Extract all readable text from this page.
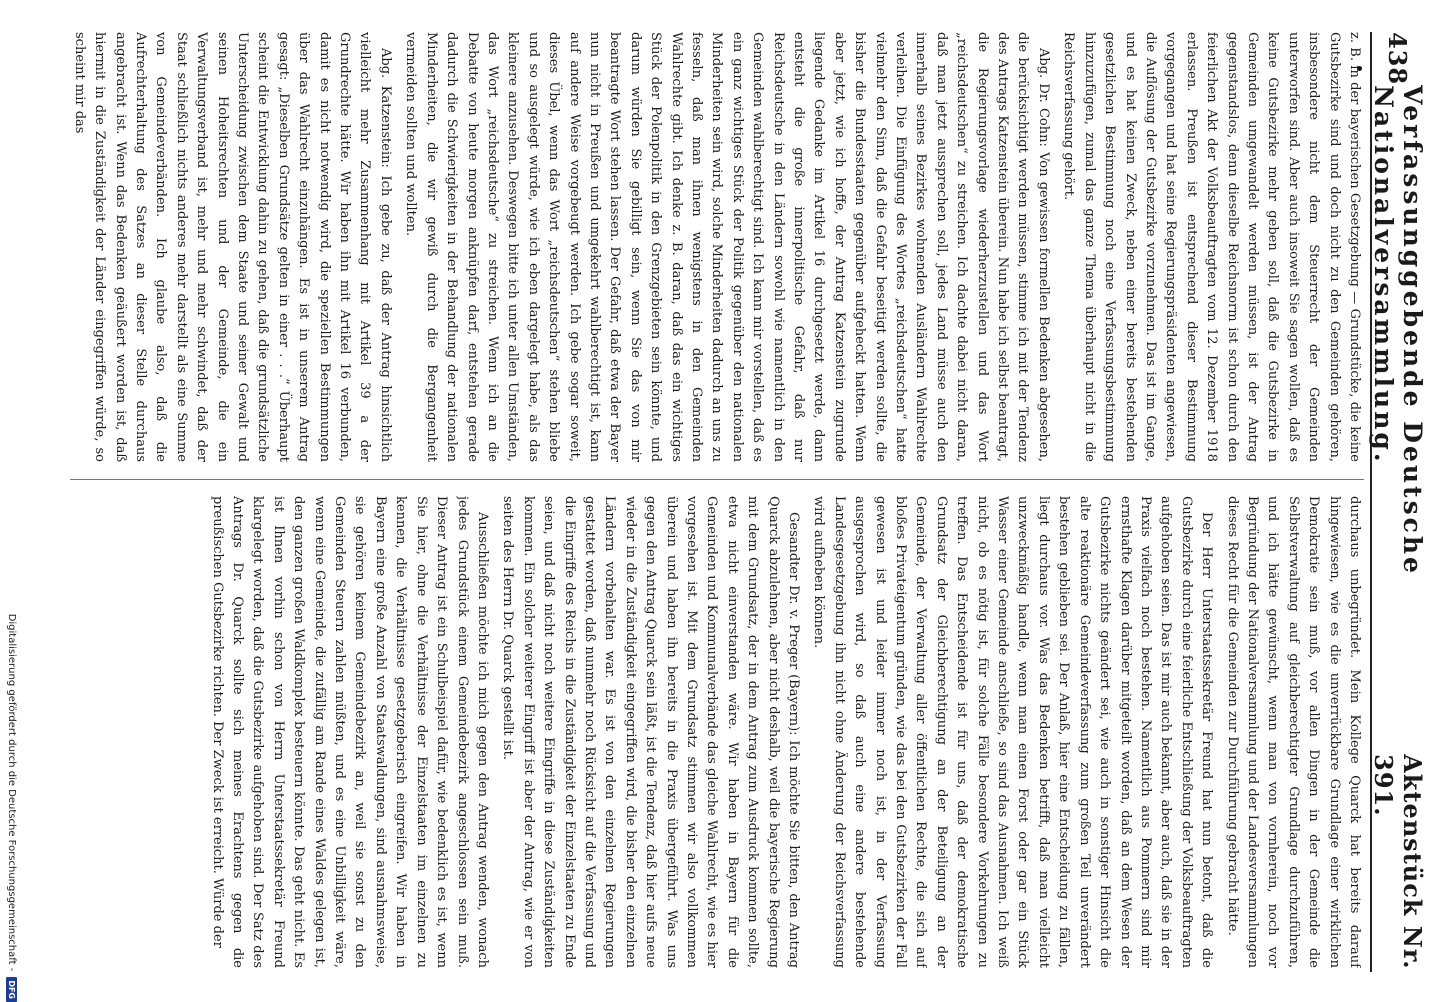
438
Verfassunggebende Deutsche Nationalversammlung.
Aktenstück Nr. 391.

z. B. in der bayerischen Gesetzgebung — Grundstücke, die keine Gutsbezirke sind und doch nicht zu den Gemeinden gehören, insbesondere nicht dem Steuerrecht der Gemeinden unterworfen sind. Aber auch insoweit Sie sagen wollen, daß es keine Gutsbezirke mehr geben soll, daß die Gutsbezirke in Gemeinden umgewandelt werden müssen, ist der Antrag gegenstandslos, denn dieselbe Reichsnorm ist schon durch den feierlichen Akt der Volksbeauftragten vom 12. Dezember 1918 erlassen. Preußen ist entsprechend dieser Bestimmung vorgegangen und hat seine Regierungspräsidenten angewiesen, die Auflösung der Gutsbezirke vorzunehmen. Das ist im Gange, und es hat keinen Zweck, neben einer bereits bestehenden gesetzlichen Bestimmung noch eine Verfassungsbestimmung hinzuzufügen, zumal das ganze Thema überhaupt nicht in die Reichsverfassung gehört.

Abg. Dr. Cohn: Von gewissen formellen Bedenken abgesehen, die berücksichtigt werden müssen, stimme ich mit der Tendenz des Antrags Katzenstein überein. Nun habe ich selbst beantragt, die Regierungsvorlage wiederherzustellen und das Wort „reichsdeutschen“ zu streichen. Ich dachte dabei nicht daran, daß man jetzt aussprechen soll, jedes Land müsse auch den innerhalb seines Bezirkes wohnenden Ausländern Wahlrechte verleihen. Die Einfügung des Wortes „reichsdeutschen“ hatte vielmehr den Sinn, daß die Gefahr beseitigt werden sollte, die bisher die Bundesstaaten gegenüber aufgeheckt hatten. Wenn aber jetzt, wie ich hoffe, der Antrag Katzenstein zugrunde liegende Gedanke im Artikel 16 durchgesetzt werde, dann entsteht die große innerpolitische Gefahr, daß nur Reichsdeutsche in den Ländern sowohl wie namentlich in den Gemeinden wahlberechtigt sind. Ich kann mir vorstellen, daß es ein ganz wichtiges Stück der Politik gegenüber den nationalen Minderheiten sein wird, solche Minderheiten dadurch an uns zu fesseln, daß man ihnen wenigstens in den Gemeinden Wahlrechte gibt. Ich denke z. B. daran, daß das ein wichtiges Stück der Polenpolitik in den Grenzgebieten sein könnte, und darum würden Sie gebilligt sein, wenn Sie das von mir beantragte Wort stehen lassen. Der Gefahr, daß etwa der Bayer nun nicht in Preußen und umgekehrt wahlberechtigt ist, kann auf andere Weise vorgebeugt werden. Ich gebe sogar soweit, dieses Übel, wenn das Wort „reichsdeutschen“ stehen bliebe und so ausgelegt würde, wie ich eben dargelegt habe, als das kleinere anzusehen. Deswegen bitte ich unter allen Umständen, das Wort „reichsdeutsche“ zu streichen. Wenn ich an die Debatte von heute morgen anknüpfen darf, entstehen gerade dadurch die Schwierigkeiten in der Behandlung der nationalen Minderheiten, die wir gewiß durch die Bergangenheit vermeiden sollten und wollten.

Abg. Katzenstein: Ich gebe zu, daß der Antrag hinsichtlich vielleicht mehr Zusammenhang mit Artikel 39 a der Grundrechte hätte. Wir haben ihn mit Artikel 16 verbunden, damit es nicht notwendig wird, die speziellen Bestimmungen über das Wahlrecht einzuhängen. Es ist in unserem Antrag gesagt: „Dieselben Grundsätze gelten in einer . . .“ Überhaupt scheint die Entwicklung dahin zu gehen, daß die grundsätzliche Unterscheidung zwischen dem Staate und seiner Gewalt und seinen Hoheitsrechten und der Gemeinde, die ein Verwaltungsverband ist, mehr und mehr schwindet, daß der Staat schließlich nichts anderes mehr darstellt als eine Summe von Gemeindeverbänden. Ich glaube also, daß die Aufrechterhaltung des Satzes an dieser Stelle durchaus angebracht ist. Wenn das Bedenken geäußert worden ist, daß hiermit in die Zuständigkeit der Länder eingegriffen würde, so scheint mir das

durchaus unbegründet. Mein Kollege Quarck hat bereits darauf hingewiesen, wie es die unverrückbare Grundlage einer wirklichen Demokratie sein muß, vor allen Dingen in der Gemeinde die Selbstverwaltung auf gleichberechtigter Grundlage durchzuführen, und ich hätte gewünscht, wenn man von vornherein, noch vor Begründung der Nationalversammlung und der Landesversammlungen dieses Recht für die Gemeinden zur Durchführung gebracht hätte.

Der Herr Unterstaatssekretär Freund hat nun betont, daß die Gutsbezirke durch eine feierliche Entschließung der Volksbeauftragten aufgehoben seien. Das ist mir auch bekannt, aber auch, daß sie in der Praxis vielfach noch bestehen. Namentlich aus Pommern sind mir ernsthafte Klagen darüber mitgeteilt worden, daß an dem Wesen der Gutsbezirke nichts geändert sei, wie auch in sonstiger Hinsicht die alte reaktionäre Gemeindeverfassung zum großen Teil unverändert bestehen geblieben sei. Der Anlaß, hier eine Entscheidung zu fällen, liegt durchaus vor. Was das Bedenken betrifft, daß man vielleicht unzweckmäßig handle, wenn man einen Forst oder gar ein Stück Wasser einer Gemeinde anschließe, so sind das Ausnahmen. Ich weiß nicht, ob es nötig ist, für solche Fälle besondere Vorkehrungen zu treffen. Das Entscheidende ist für uns, daß der demokratische Grundsatz der Gleichberechtigung an der Beteiligung an der Gemeinde, der Verwaltung aller öffentlichen Rechte, die sich auf bloßes Privateigentum gründen, wie das bei den Gutsbezirken der Fall gewesen ist und leider immer noch ist, in der Verfassung ausgesprochen wird, so daß auch eine andere bestehende Landesgesetzgebung ihn nicht ohne Änderung der Reichsverfassung wird aufheben können.

Gesandter Dr. v. Preger (Bayern): Ich möchte Sie bitten, den Antrag Quarck abzulehnen, aber nicht deshalb, weil die bayerische Regierung mit dem Grundsatz, der in dem Antrag zum Ausdruck kommen sollte, etwa nicht einverstanden wäre. Wir haben in Bayern für die Gemeinden und Kommunalverbände das gleiche Wahlrecht, wie es hier vorgesehen ist. Mit dem Grundsatz stimmen wir also vollkommen überein und haben ihn bereits in die Praxis übergeführt. Was uns gegen den Antrag Quarck sein läßt, ist die Tendenz, daß hier aufs neue wieder in die Zuständigkeit eingegriffen wird, die bisher den einzelnen Ländern vorbehalten war. Es ist von den einzelnen Regierungen gestattet worden, daß nunmehr noch Rücksicht auf die Verfassung und die Eingriffe des Reichs in die Zuständigkeit der Einzelstaaten zu Ende seien, und daß nicht noch weitere Eingriffe in diese Zuständigkeiten kommen. Ein solcher weiterer Eingriff ist aber der Antrag, wie er von seiten des Herrn Dr. Quarck gestellt ist.

Ausschließen möchte ich mich gegen den Antrag wenden, wonach jedes Grundstück einem Gemeindebezirk angeschlossen sein muß. Dieser Antrag ist ein Schulbeispiel dafür, wie bedenklich es ist, wenn Sie hier, ohne die Verhältnisse der Einzelstaaten im einzelnen zu kennen, die Verhältnisse gesetzgeberisch eingreifen. Wir haben in Bayern eine große Anzahl von Staatswaldungen, sind ausnahmsweise, sie gehören keinem Gemeindebezirk an, weil sie sonst zu den Gemeinden Steuern zahlen müßten, und es eine Unbilligkeit wäre, wenn eine Gemeinde, die zufällig am Rande eines Waldes gelegen ist, den ganzen großen Waldkomplex besteuern könnte. Das geht nicht. Es ist Ihnen vorhin schon von Herrn Unterstaatssekretär Freund klargelegt worden, daß die Gutsbezirke aufgehoben sind. Der Satz des Antrags Dr. Quarck sollte sich meines Erachtens gegen die preußischen Gutsbezirke richten. Der Zweck ist erreicht. Würde der

Digitalisierung gefördert durch die Deutsche Forschungsgemeinschaft -
DFG
